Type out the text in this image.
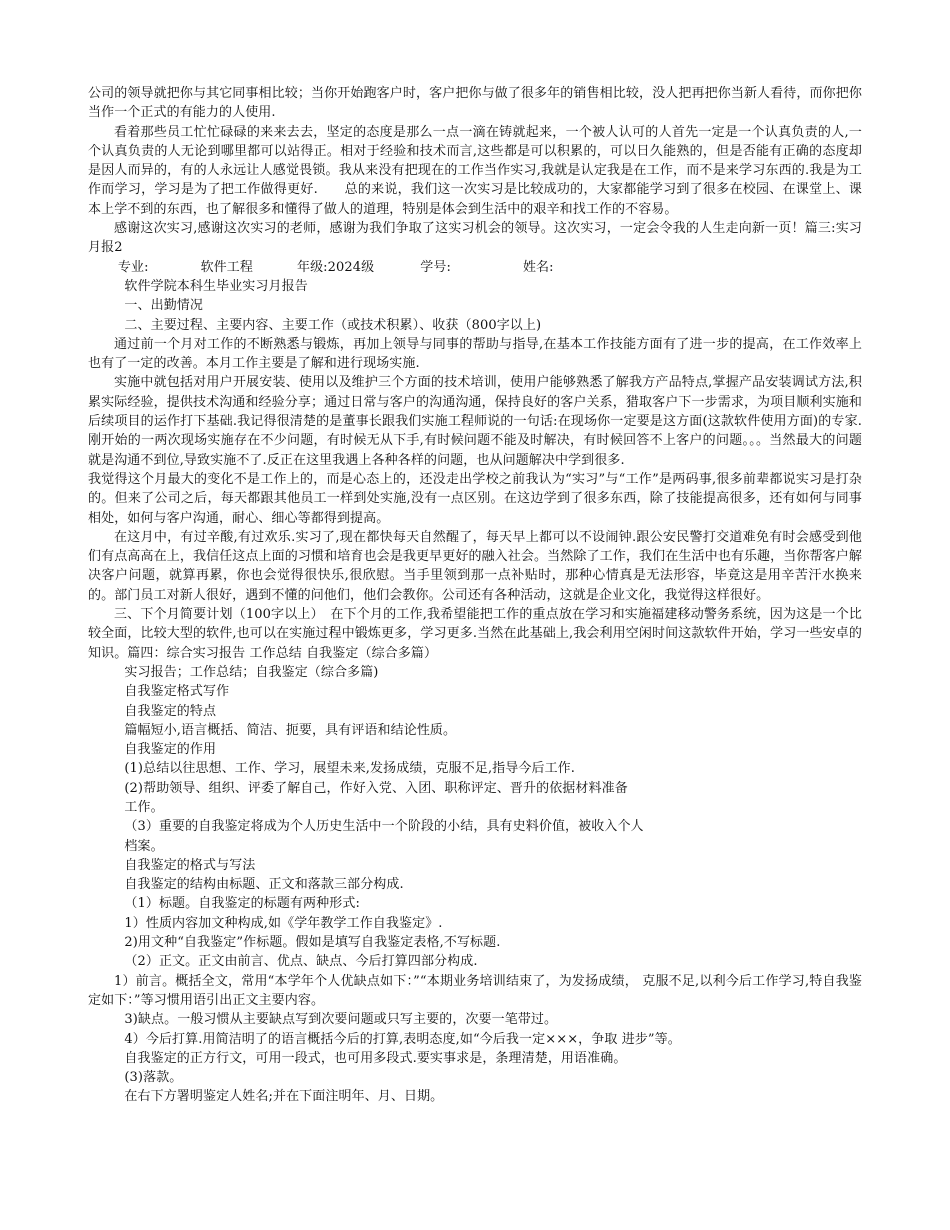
公司的领导就把你与其它同事相比较；当你开始跑客户时，客户把你与做了很多年的销售相比较，没人把再把你当新人看待，而你把你当作一个正式的有能力的人使用.

看着那些员工忙忙碌碌的来来去去，坚定的态度是那么一点一滴在铸就起来，一个被人认可的人首先一定是一个认真负责的人,一个认真负责的人无论到哪里都可以站得正。相对于经验和技术而言,这些都是可以积累的，可以日久能熟的，但是否能有正确的态度却是因人而异的，有的人永远让人感觉畏锁。我从来没有把现在的工作当作实习,我就是认定我是在工作，而不是来学习东西的.我是为工作而学习，学习是为了把工作做得更好.　　总的来说，我们这一次实习是比较成功的，大家都能学习到了很多在校园、在课堂上、课本上学不到的东西，也了解很多和懂得了做人的道理，特别是体会到生活中的艰辛和找工作的不容易。

感谢这次实习,感谢这次实习的老师，感谢为我们争取了这实习机会的领导。这次实习，一定会令我的人生走向新一页！篇三:实习月报2

专业:	软件工程	年级: 2024级	学号:	姓名:

软件学院本科生毕业实习月报告

一、出勤情况

二、主要过程、主要内容、主要工作（或技术积累）、收获（800字以上)

通过前一个月对工作的不断熟悉与锻炼，再加上领导与同事的帮助与指导,在基本工作技能方面有了进一步的提高，在工作效率上也有了一定的改善。本月工作主要是了解和进行现场实施.

实施中就包括对用户开展安装、使用以及维护三个方面的技术培训，使用户能够熟悉了解我方产品特点,掌握产品安装调试方法,积累实际经验，提供技术沟通和经验分享；通过日常与客户的沟通沟通，保持良好的客户关系，猎取客户下一步需求，为项目顺利实施和后续项目的运作打下基础.我记得很清楚的是董事长跟我们实施工程师说的一句话:在现场你一定要是这方面(这款软件使用方面)的专家.刚开始的一两次现场实施存在不少问题，有时候无从下手,有时候问题不能及时解决，有时候回答不上客户的问题。。。当然最大的问题就是沟通不到位,导致实施不了.反正在这里我遇上各种各样的问题，也从问题解决中学到很多.

我觉得这个月最大的变化不是工作上的，而是心态上的，还没走出学校之前我认为“实习”与“工作”是两码事,很多前辈都说实习是打杂的。但来了公司之后，每天都跟其他员工一样到处实施,没有一点区别。在这边学到了很多东西，除了技能提高很多，还有如何与同事相处，如何与客户沟通，耐心、细心等都得到提高。

在这月中，有过辛酸,有过欢乐.实习了,现在都快每天自然醒了，每天早上都可以不设闹钟.跟公安民警打交道难免有时会感受到他们有点高高在上，我信任这点上面的习惯和培育也会是我更早更好的融入社会。当然除了工作，我们在生活中也有乐趣，当你帮客户解决客户问题，就算再累，你也会觉得很快乐,很欣慰。当手里领到那一点补贴时，那种心情真是无法形容，毕竟这是用辛苦汗水换来的。部门员工对新人很好，遇到不懂的问他们，他们会教你。公司还有各种活动，这就是企业文化，我觉得这样很好。

三、下个月简要计划（100字以上）　在下个月的工作,我希望能把工作的重点放在学习和实施福建移动警务系统，因为这是一个比较全面，比较大型的软件,也可以在实施过程中锻炼更多，学习更多.当然在此基础上,我会利用空闲时间这款软件开始，学习一些安卓的知识。篇四：综合实习报告 工作总结 自我鉴定（综合多篇）

实习报告；工作总结；自我鉴定（综合多篇)

自我鉴定格式写作

自我鉴定的特点

篇幅短小,语言概括、简洁、扼要，具有评语和结论性质。

自我鉴定的作用

(1)总结以往思想、工作、学习，展望未来,发扬成绩，克服不足,指导今后工作.

(2)帮助领导、组织、评委了解自己，作好入党、入团、职称评定、晋升的依据材料准备

工作。

（3）重要的自我鉴定将成为个人历史生活中一个阶段的小结，具有史料价值，被收入个人

档案。

自我鉴定的格式与写法

自我鉴定的结构由标题、正文和落款三部分构成.

（1）标题。自我鉴定的标题有两种形式:

1）性质内容加文种构成,如《学年教学工作自我鉴定》.

2)用文种“自我鉴定”作标题。假如是填写自我鉴定表格,不写标题.

（2）正文。正文由前言、优点、缺点、今后打算四部分构成.

1）前言。概括全文，常用“本学年个人优缺点如下：”“本期业务培训结束了，为发扬成绩， 克服不足,以利今后工作学习,特自我鉴定如下：”等习惯用语引出正文主要内容。

3)缺点。一般习惯从主要缺点写到次要问题或只写主要的，次要一笔带过。

4）今后打算.用简洁明了的语言概括今后的打算,表明态度,如“今后我一定×××，争取 进步”等。

自我鉴定的正方行文，可用一段式，也可用多段式.要实事求是，条理清楚，用语准确。

(3)落款。

在右下方署明鉴定人姓名;并在下面注明年、月、日期。
